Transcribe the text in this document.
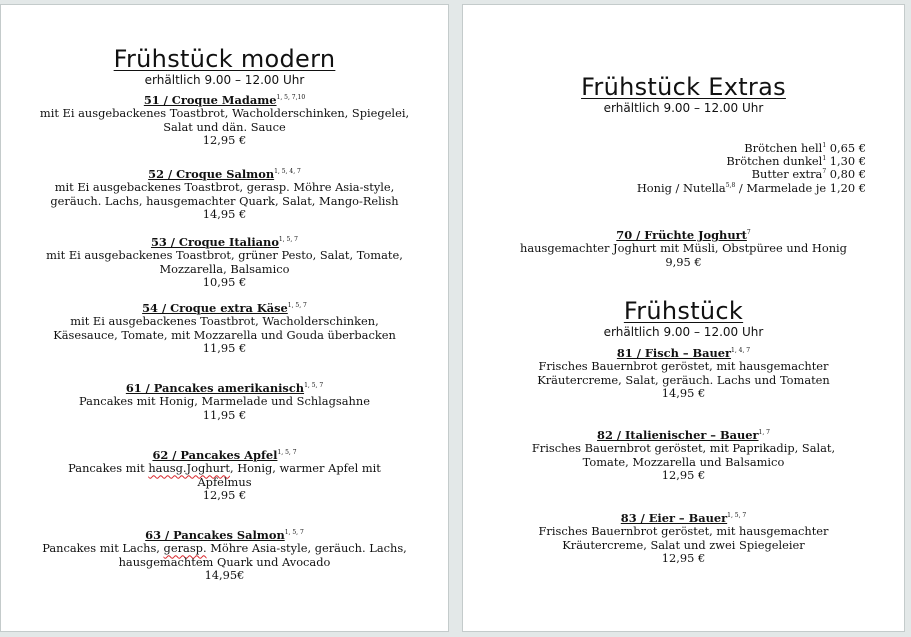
Frühstück modern
erhältlich 9.00 – 12.00 Uhr
51 / Croque Madame$^{1, 5, 7,10}$
mit Ei ausgebackenes Toastbrot, Wacholderschinken, Spiegelei,
Salat und dän. Sauce
12,95 €
52 / Croque Salmon$^{1, 5, 4, 7}$
mit Ei ausgebackenes Toastbrot, gerasp. Möhre Asia-style,
geräuch. Lachs, hausgemachter Quark, Salat, Mango-Relish
14,95 €
53 / Croque Italiano$^{1, 5, 7}$
mit Ei ausgebackenes Toastbrot, grüner Pesto, Salat, Tomate,
Mozzarella, Balsamico
10,95 €
54 / Croque extra Käse$^{1, 5, 7}$
mit Ei ausgebackenes Toastbrot, Wacholderschinken,
Käsesauce, Tomate, mit Mozzarella und Gouda überbacken
11,95 €
61 / Pancakes amerikanisch$^{1, 5, 7}$
Pancakes mit Honig, Marmelade und Schlagsahne
11,95 €
62 / Pancakes Apfel$^{1, 5, 7}$
Pancakes mit hausg.Joghurt, Honig, warmer Apfel mit
Apfelmus
12,95 €
63 / Pancakes Salmon$^{1, 5, 7}$
Pancakes mit Lachs, gerasp. Möhre Asia-style, geräuch. Lachs,
hausgemachtem Quark und Avocado
14,95€
Frühstück Extras
erhältlich 9.00 – 12.00 Uhr
Brötchen hell$^1$ 0,65 €
Brötchen dunkel$^1$ 1,30 €
Butter extra$^7$ 0,80 €
Honig / Nutella$^{5,8}$ / Marmelade je 1,20 €
70 / Früchte Joghurt$^7$
hausgemachter Joghurt mit Müsli, Obstpüree und Honig
9,95 €
Frühstück
erhältlich 9.00 – 12.00 Uhr
81 / Fisch – Bauer$^{1, 4, 7}$
Frisches Bauernbrot geröstet, mit hausgemachter
Kräutercreme, Salat, geräuch. Lachs und Tomaten
14,95 €
82 / Italienischer – Bauer$^{1, 7}$
Frisches Bauernbrot geröstet, mit Paprikadip, Salat,
Tomate, Mozzarella und Balsamico
12,95 €
83 / Eier – Bauer$^{1, 5, 7}$
Frisches Bauernbrot geröstet, mit hausgemachter
Kräutercreme, Salat und zwei Spiegeleier
12,95 €
